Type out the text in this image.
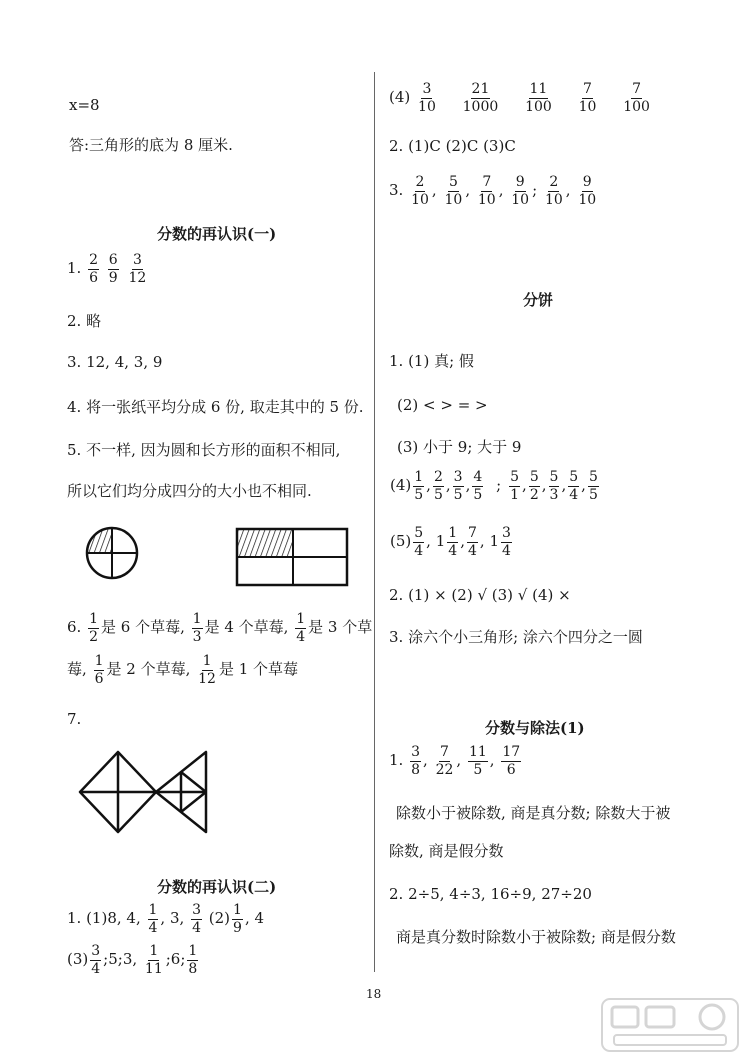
x=8
答:三角形的底为 8 厘米.
分数的再认识(一)
1. $\frac{2}{6}$
$\frac{6}{9}$
$\frac{3}{12}$
2. 略
3. 12, 4, 3, 9
4. 将一张纸平均分成 6 份, 取走其中的 5 份.
5. 不一样, 因为圆和长方形的面积不相同,
所以它们均分成四分的大小也不相同.
6. $\frac{1}{2}$ 是 6 个草莓, $\frac{1}{3}$ 是 4 个草莓, $\frac{1}{4}$ 是 3 个草
莓, $\frac{1}{6}$ 是 2 个草莓, $\frac{1}{12}$ 是 1 个草莓
7.
分数的再认识(二)
1. (1)8, 4, $\frac{1}{4}$ , 3, $\frac{3}{4} (2) \frac{1}{9}$ , 4
$(3) \frac{3}{4}$ ;5;3, $\frac{1}{11}$ ;6; $\frac{1}{8}$
$(4) \frac{3}{10}$
$\frac{21}{1000}$
$\frac{11}{100}$
$\frac{7}{10}$
$\frac{7}{100}$
2. (1)C (2)C (3)C
3. $\frac{2}{10}$ , $\frac{5}{10}$ , $\frac{7}{10}$ , $\frac{9}{10}$ ; $\frac{2}{10}$ , $\frac{9}{10}$
分饼
1. (1) 真; 假
(2) < > = >
(3) 小于 9; 大于 9
$(4) \frac{1}{5}$ , $\frac{2}{5}$ , $\frac{3}{5}$ , $\frac{4}{5}$ ; $\frac{5}{1}$ , $\frac{5}{2}$ , $\frac{5}{3}$ , $\frac{5}{4}$ , $\frac{5}{5}$
$(5) \frac{5}{4}$ , $1 \frac{1}{4}$ , $\frac{7}{4}$ , $1 \frac{3}{4}$
2. (1) × (2) √ (3) √ (4) ×
3. 涂六个小三角形; 涂六个四分之一圆
分数与除法(1)
1. $\frac{3}{8}$ , $\frac{7}{22}$ , $\frac{11}{5}$ , $\frac{17}{6}$
除数小于被除数, 商是真分数; 除数大于被
除数, 商是假分数
2. 2÷5, 4÷3, 16÷9, 27÷20
商是真分数时除数小于被除数; 商是假分数
18
